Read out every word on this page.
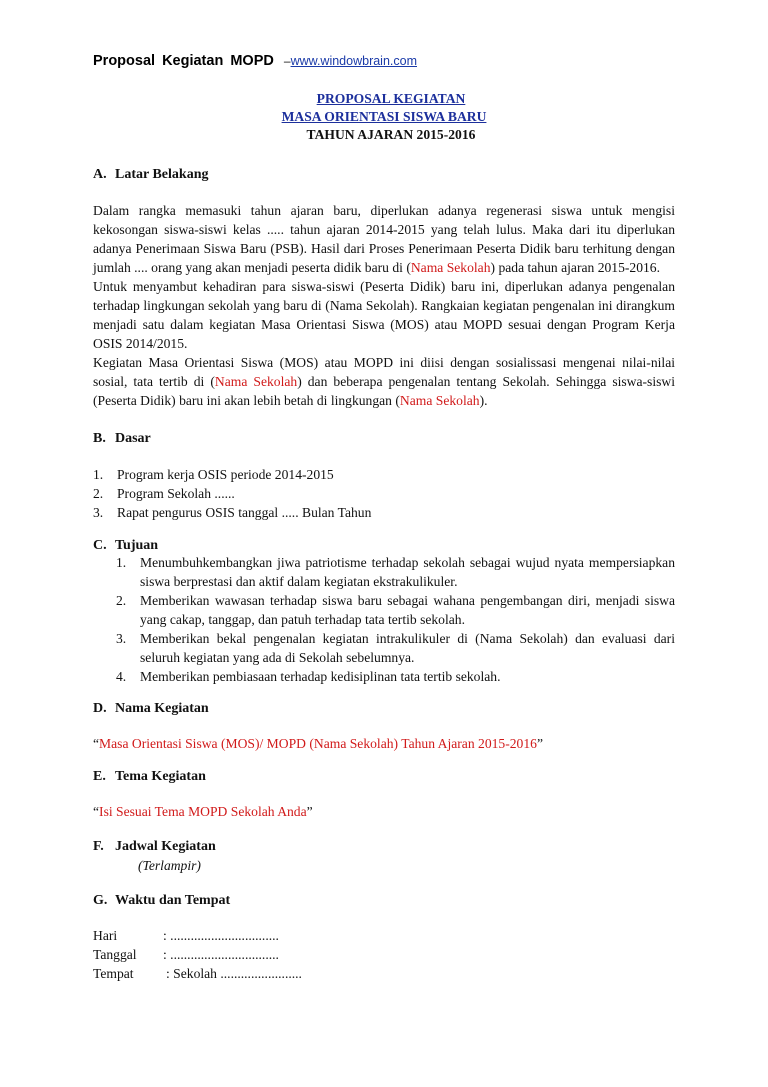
Proposal Kegiatan MOPD –www.windowbrain.com
PROPOSAL KEGIATAN
MASA ORIENTASI SISWA BARU
TAHUN AJARAN 2015-2016
A. Latar Belakang
Dalam rangka memasuki tahun ajaran baru, diperlukan adanya regenerasi siswa untuk mengisi kekosongan siswa-siswi kelas ..... tahun ajaran 2014-2015 yang telah lulus. Maka dari itu diperlukan adanya Penerimaan Siswa Baru (PSB). Hasil dari Proses Penerimaan Peserta Didik baru terhitung dengan jumlah .... orang yang akan menjadi peserta didik baru di (Nama Sekolah) pada tahun ajaran 2015-2016.
Untuk menyambut kehadiran para siswa-siswi (Peserta Didik) baru ini, diperlukan adanya pengenalan terhadap lingkungan sekolah yang baru di (Nama Sekolah). Rangkaian kegiatan pengenalan ini dirangkum menjadi satu dalam kegiatan Masa Orientasi Siswa (MOS) atau MOPD sesuai dengan Program Kerja OSIS 2014/2015.
Kegiatan Masa Orientasi Siswa (MOS) atau MOPD ini diisi dengan sosialissasi mengenai nilai-nilai sosial, tata tertib di (Nama Sekolah) dan beberapa pengenalan tentang Sekolah. Sehingga siswa-siswi (Peserta Didik) baru ini akan lebih betah di lingkungan (Nama Sekolah).
B. Dasar
1. Program kerja OSIS periode 2014-2015
2. Program Sekolah ......
3. Rapat pengurus OSIS tanggal ..... Bulan Tahun
C. Tujuan
1. Menumbuhkembangkan jiwa patriotisme terhadap sekolah sebagai wujud nyata mempersiapkan siswa berprestasi dan aktif dalam kegiatan ekstrakulikuler.
2. Memberikan wawasan terhadap siswa baru sebagai wahana pengembangan diri, menjadi siswa yang cakap, tanggap, dan patuh terhadap tata tertib sekolah.
3. Memberikan bekal pengenalan kegiatan intrakulikuler di (Nama Sekolah) dan evaluasi dari seluruh kegiatan yang ada di Sekolah sebelumnya.
4. Memberikan pembiasaan terhadap kedisiplinan tata tertib sekolah.
D. Nama Kegiatan
“Masa Orientasi Siswa (MOS)/ MOPD (Nama Sekolah) Tahun Ajaran 2015-2016”
E. Tema Kegiatan
“Isi Sesuai Tema MOPD Sekolah Anda”
F. Jadwal Kegiatan
(Terlampir)
G. Waktu dan Tempat
Hari	: ................................
Tanggal	: ................................
Tempat	: Sekolah ........................
